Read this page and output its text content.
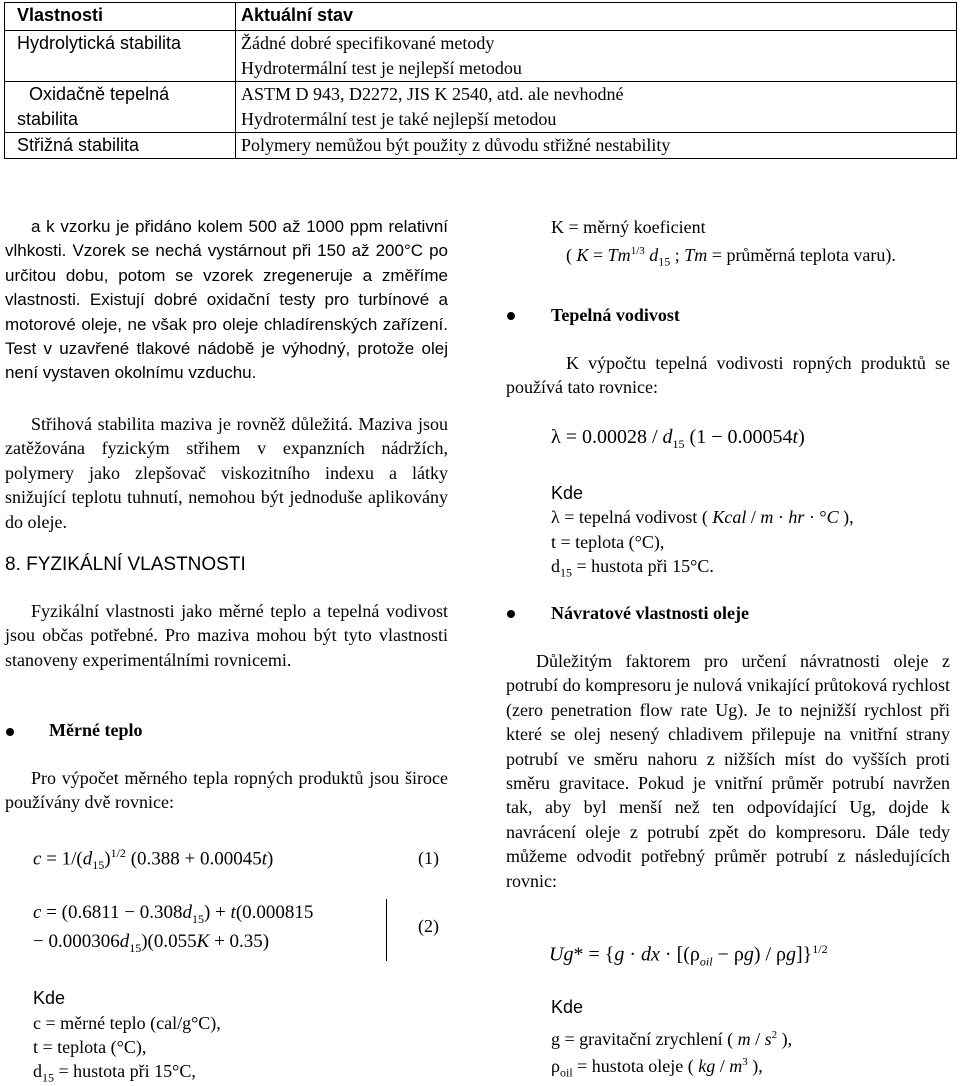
Vlastnosti	Aktuální stav
Hydrolytická stabilita	Žádné dobré specifikované metody
Hydrotermální test je nejlepší metodou

Oxidačně tepelná
stabilita	ASTM D 943, D2272, JIS K 2540, atd. ale nevhodné
Hydrotermální test je také nejlepší metodou

Střižná stabilita	Polymery nemůžou být použity z důvodu střižné nestability

a k vzorku je přidáno kolem 500 až 1000 ppm relativní vlhkosti. Vzorek se nechá vystárnout při 150 až 200°C po určitou dobu, potom se vzorek zregeneruje a změříme vlastnosti. Existují dobré oxidační testy pro turbínové a motorové oleje, ne však pro oleje chladírenských zařízení. Test v uzavřené tlakové nádobě je výhodný, protože olej není vystaven okolnímu vzduchu.

Střihová stabilita maziva je rovněž důležitá. Maziva jsou zatěžována fyzickým střihem v expanzních nádržích, polymery jako zlepšovač viskozitního indexu a látky snižující teplotu tuhnutí, nemohou být jednoduše aplikovány do oleje.

8. FYZIKÁLNÍ VLASTNOSTI

Fyzikální vlastnosti jako měrné teplo a tepelná vodivost jsou občas potřebné. Pro maziva mohou být tyto vlastnosti stanoveny experimentálními rovnicemi.

Měrné teplo

Pro výpočet měrného tepla ropných produktů jsou široce používány dvě rovnice:

$c = 1/(d_{15})^{1/2}$ (0.388 + 0.00045t)	(1)
$c = (0.6811 - 0.308d_{15}) + t(0.000815$
− $0.000306d_{15})(0.055K + 0.35)$
(2)
Kde
c = měrné teplo (cal/g°C),
t = teplota (°C),
$d_{15}$ = hustota při 15°C,
K = měrný koeficient
( $K = Tm^{1/3}$ $d_{15}$ ; Tm = průměrná teplota varu).
Tepelná vodivost

K výpočtu tepelná vodivosti ropných produktů se používá tato rovnice:

$\lambda = 0.00028 / d_{15}$ (1 − 0.00054t)
Kde
λ = tepelná vodivost ( Kcal / m · hr · °C ),
t = teplota (°C),
$d_{15}$ = hustota při 15°C.
Návratové vlastnosti oleje

Důležitým faktorem pro určení návratnosti oleje z potrubí do kompresoru je nulová vnikající průtoková rychlost (zero penetration flow rate Ug). Je to nejnižší rychlost při které se olej nesený chladivem přilepuje na vnitřní strany potrubí ve směru nahoru z nižších míst do vyšších proti směru gravitace. Pokud je vnitřní průměr potrubí navržen tak, aby byl menší než ten odpovídající Ug, dojde k navrácení oleje z potrubí zpět do kompresoru. Dále tedy můžeme odvodit potřebný průměr potrubí z následujících rovnic:

Ug* = {g · dx · $[(\rho_{oil} - \rho g) / \rho g]\}^{1/2}$
Kde
g = gravitační zrychlení ( m / $s^2$ ),
$\rho_{oil}$ = hustota oleje ( kg / $m^3$ ),
